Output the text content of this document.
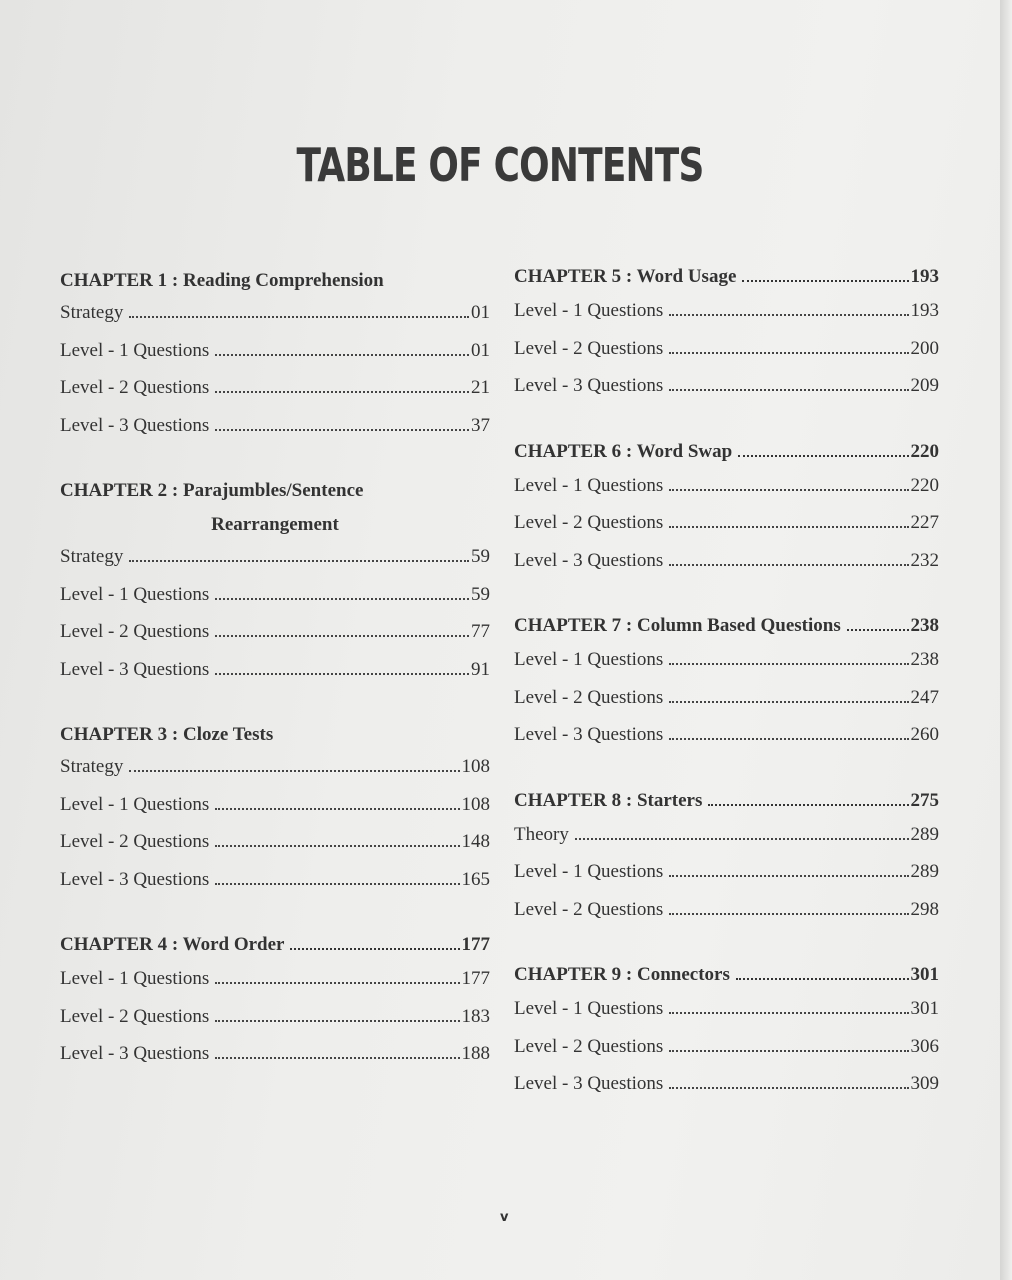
TABLE OF CONTENTS
CHAPTER 1 : Reading Comprehension
Strategy	01
Level - 1 Questions	01
Level - 2 Questions	21
Level - 3 Questions	37
CHAPTER 2 : Parajumbles/Sentence
Rearrangement
Strategy	59
Level - 1 Questions	59
Level - 2 Questions	77
Level - 3 Questions	91
CHAPTER 3 : Cloze Tests
Strategy	108
Level - 1 Questions	108
Level - 2 Questions	148
Level - 3 Questions	165
CHAPTER 4 : Word Order	177
Level - 1 Questions	177
Level - 2 Questions	183
Level - 3 Questions	188
CHAPTER 5 : Word Usage	193
Level - 1 Questions	193
Level - 2 Questions	200
Level - 3 Questions	209
CHAPTER 6 : Word Swap	220
Level - 1 Questions	220
Level - 2 Questions	227
Level - 3 Questions	232
CHAPTER 7 : Column Based Questions	238
Level - 1 Questions	238
Level - 2 Questions	247
Level - 3 Questions	260
CHAPTER 8 : Starters	275
Theory	289
Level - 1 Questions	289
Level - 2 Questions	298
CHAPTER 9 : Connectors	301
Level - 1 Questions	301
Level - 2 Questions	306
Level - 3 Questions	309
v
